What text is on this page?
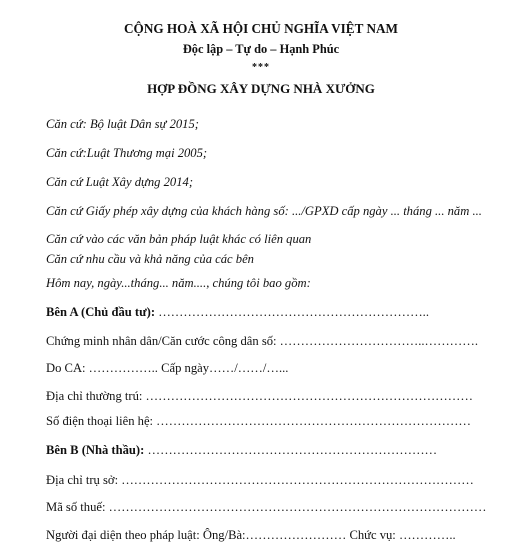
CỘNG HOÀ XÃ HỘI CHỦ NGHĨA VIỆT NAM
Độc lập – Tự do – Hạnh Phúc
***
HỢP ĐỒNG XÂY DỰNG NHÀ XƯỞNG
Căn cứ: Bộ luật Dân sự 2015;
Căn cứ:Luật Thương mại 2005;
Căn cứ Luật Xây dựng 2014;
Căn cứ Giấy phép xây dựng của khách hàng số: .../GPXD cấp ngày ... tháng ... năm ...
Căn cứ vào các văn bản pháp luật khác có liên quan
Căn cứ nhu cầu và khả năng của các bên
Hôm nay, ngày...tháng... năm...., chúng tôi bao gồm:
Bên A (Chủ đầu tư): ………………………………………………………..
Chứng minh nhân dân/Căn cước công dân số: ……………………………..………….
Do CA: …………….. Cấp ngày……/……/…...
Địa chỉ thường trú: ……………………………………………………………………
Số điện thoại liên hệ: …………………………………………………………………
Bên B (Nhà thầu): ……………………………………………………………
Địa chỉ trụ sở: …………………………………………………………………………
Mã số thuế: ………………………………………………………………………………
Người đại diện theo pháp luật: Ông/Bà:…………………… Chức vụ: …………..
